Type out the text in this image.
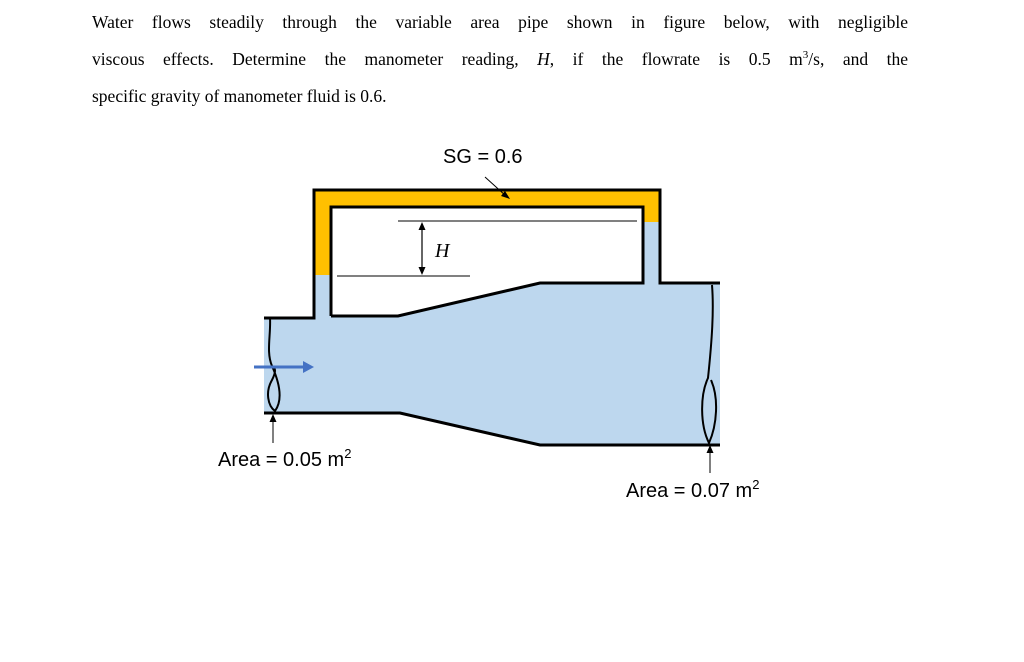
Water flows steadily through the variable area pipe shown in figure below, with negligible
viscous effects. Determine the manometer reading, H, if the flowrate is 0.5 $m^3/s$, and the
specific gravity of manometer fluid is 0.6.
H
SG = 0.6
Area = 0.05 $m^2$
Area = 0.07 $m^2$
